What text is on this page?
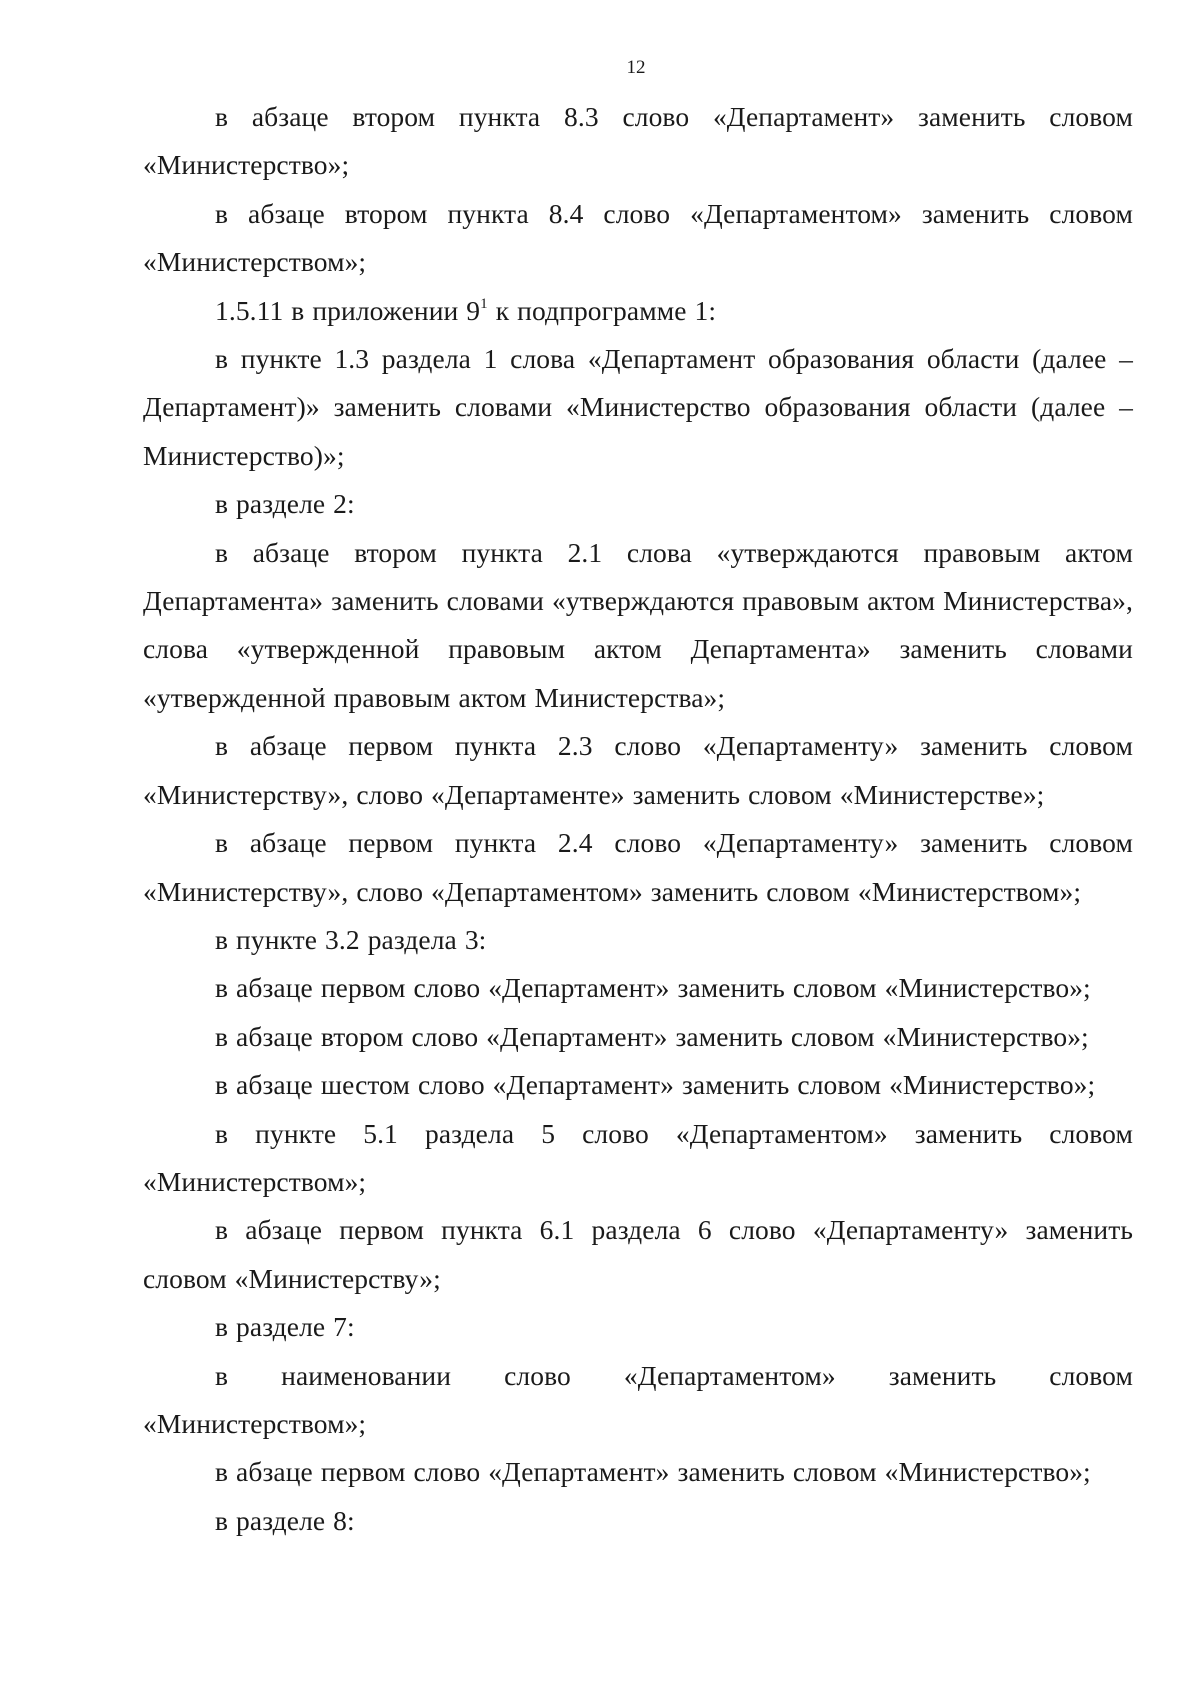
12

в абзаце втором пункта 8.3 слово «Департамент» заменить словом «Министерство»;

в абзаце втором пункта 8.4 слово «Департаментом» заменить словом «Министерством»;

1.5.11 в приложении $9^1$ к подпрограмме 1:

в пункте 1.3 раздела 1 слова «Департамент образования области (далее – Департамент)» заменить словами «Министерство образования области (далее – Министерство)»;

в разделе 2:

в абзаце втором пункта 2.1 слова «утверждаются правовым актом Департамента» заменить словами «утверждаются правовым актом Министерства», слова «утвержденной правовым актом Департамента» заменить словами «утвержденной правовым актом Министерства»;

в абзаце первом пункта 2.3 слово «Департаменту» заменить словом «Министерству», слово «Департаменте» заменить словом «Министерстве»;

в абзаце первом пункта 2.4 слово «Департаменту» заменить словом «Министерству», слово «Департаментом» заменить словом «Министерством»;

в пункте 3.2 раздела 3:

в абзаце первом слово «Департамент» заменить словом «Министерство»;

в абзаце втором слово «Департамент» заменить словом «Министерство»;

в абзаце шестом слово «Департамент» заменить словом «Министерство»;

в пункте 5.1 раздела 5 слово «Департаментом» заменить словом «Министерством»;

в абзаце первом пункта 6.1 раздела 6 слово «Департаменту» заменить словом «Министерству»;

в разделе 7:

в наименовании слово «Департаментом» заменить словом «Министерством»;

в абзаце первом слово «Департамент» заменить словом «Министерство»;

в разделе 8:
